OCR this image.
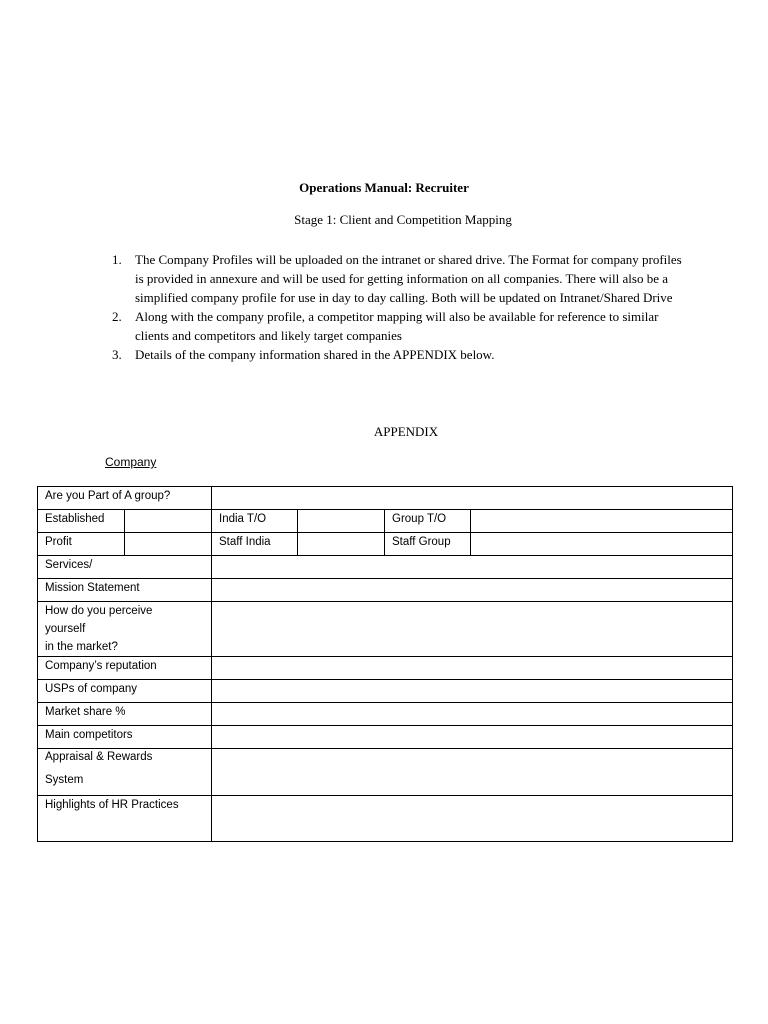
Operations Manual: Recruiter
Stage 1: Client and Competition Mapping
1.	The Company Profiles will be uploaded on the intranet or shared drive. The Format for company profiles is provided in annexure and will be used for getting information on all companies. There will also be a simplified company profile for use in day to day calling. Both will be updated on Intranet/Shared Drive
2.	Along with the company profile, a competitor mapping will also be available for reference to similar clients and competitors and likely target companies
3.	Details of the company information shared in the APPENDIX below.
APPENDIX
Company
Are you Part of A group?					
Established		India T/O		Group T/O	
Profit		Staff India		Staff Group	
Services/					
Mission Statement					

How do you perceive
yourself
in the market?					

Company’s reputation					
USPs of company					
Market share %					
Main competitors					

Appraisal & Rewards
System					

Highlights of HR Practices					
